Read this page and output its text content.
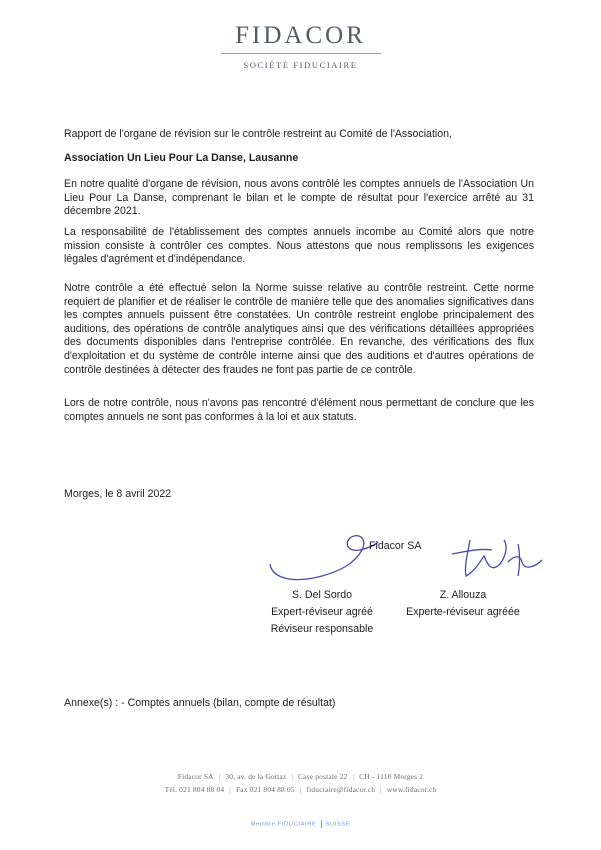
FIDACOR
SOCIÉTÉ FIDUCIAIRE
Rapport de l'organe de révision sur le contrôle restreint au Comité de l'Association,
Association Un Lieu Pour La Danse, Lausanne
En notre qualité d'organe de révision, nous avons contrôlé les comptes annuels de l'Association Un Lieu Pour La Danse, comprenant le bilan et le compte de résultat pour l'exercice arrêté au 31 décembre 2021.
La responsabilité de l'établissement des comptes annuels incombe au Comité alors que notre mission consiste à contrôler ces comptes. Nous attestons que nous remplissons les exigences légales d'agrément et d'indépendance.
Notre contrôle a été effectué selon la Norme suisse relative au contrôle restreint. Cette norme requiert de planifier et de réaliser le contrôle de manière telle que des anomalies significatives dans les comptes annuels puissent être constatées. Un contrôle restreint englobe principalement des auditions, des opérations de contrôle analytiques ainsi que des vérifications détaillées appropriées des documents disponibles dans l'entreprise contrôlée. En revanche, des vérifications des flux d'exploitation et du système de contrôle interne ainsi que des auditions et d'autres opérations de contrôle destinées à détecter des fraudes ne font pas partie de ce contrôle.
Lors de notre contrôle, nous n'avons pas rencontré d'élément nous permettant de conclure que les comptes annuels ne sont pas conformes à la loi et aux statuts.
Morges, le 8 avril 2022
Fidacor SA
S. Del Sordo
Expert-réviseur agréé
Réviseur responsable
Z. Allouza
Experte-réviseur agréée
Annexe(s) : - Comptes annuels (bilan, compte de résultat)
Fidacor SA | 30, av. de la Gottaz | Case postale 22 | CH - 1110 Morges 2
Tél. 021 804 88 04 | Fax 021 804 88 05 | fiduciaire@fidacor.ch | www.fidacor.ch
Membre FIDUCIAIRE SUISSE
